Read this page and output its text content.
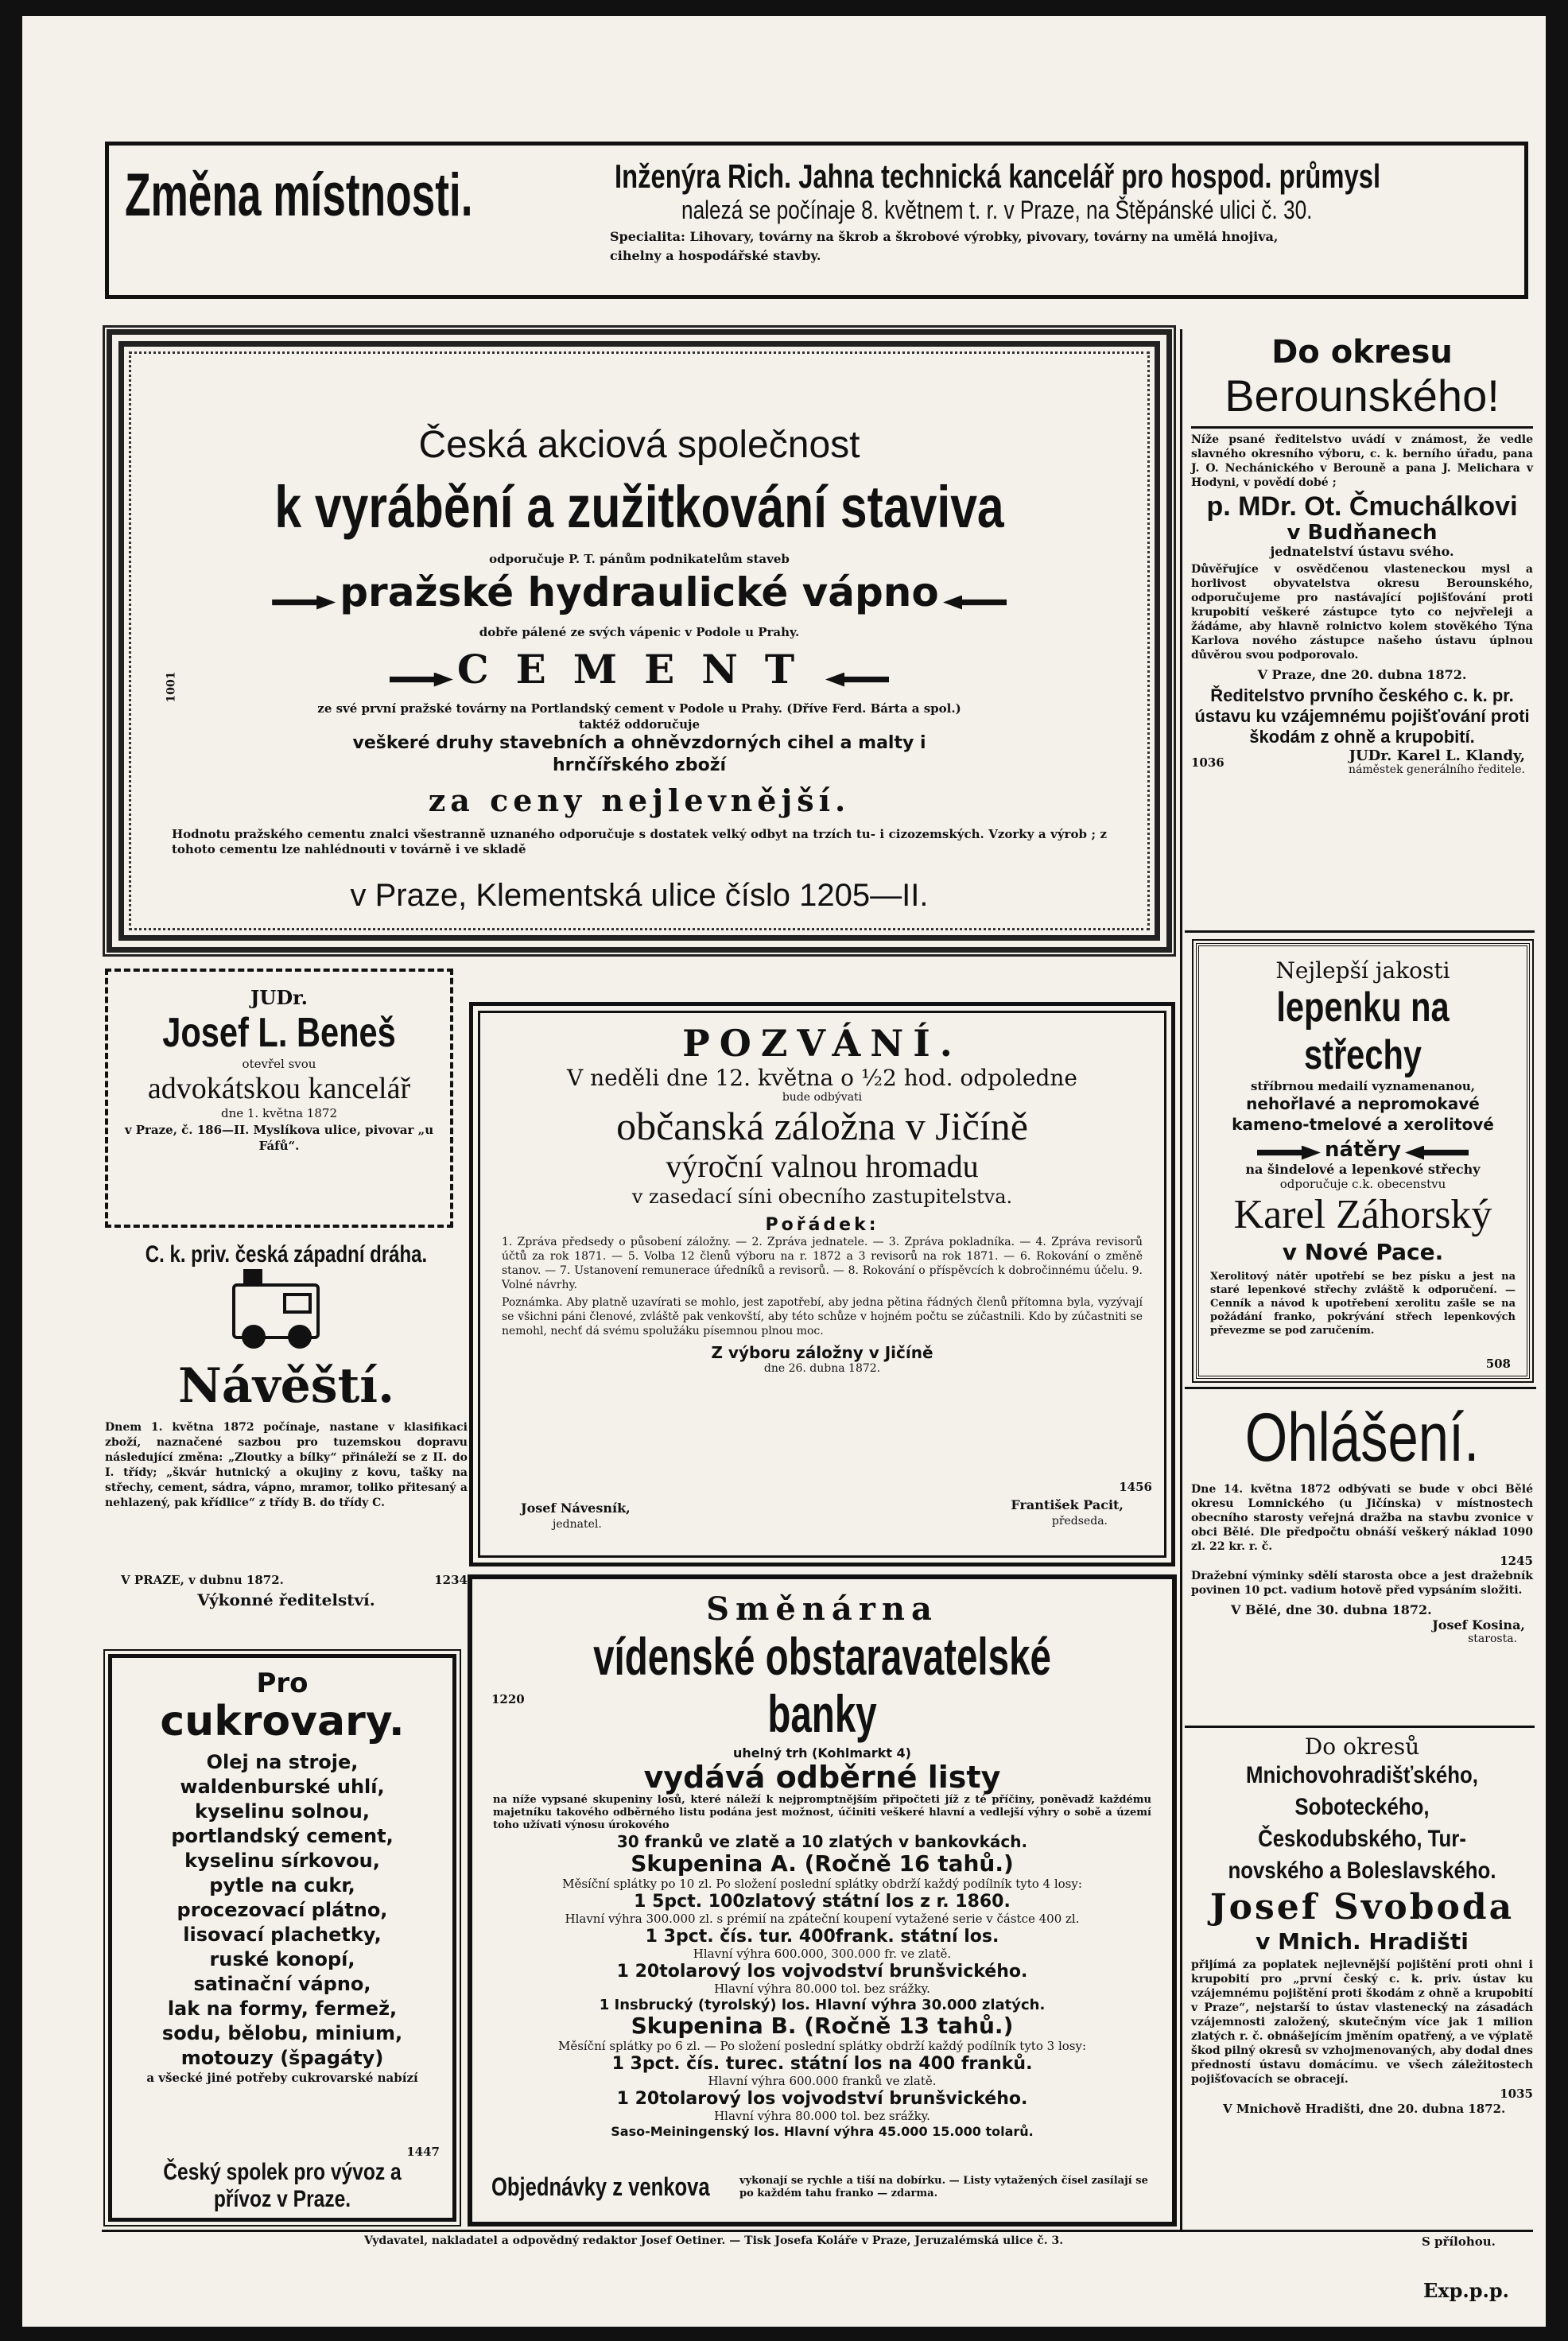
Změna místnosti.	Inženýra Rich. Jahna technická kancelář pro hospod. průmysl
nalezá se počínaje 8. květnem t. r. v Praze, na Štěpánské ulici č. 30.
Specialita: Lihovary, továrny na škrob a škrobové výrobky, pivovary, továrny na umělá hnojiva,
cihelny a hospodářské stavby.
Česká akciová společnost
k vyrábění a zužitkování staviva
odporučuje P. T. pánům podnikatelům staveb
pražské hydraulické vápno
dobře pálené ze svých vápenic v Podole u Prahy.
CEMENT
ze své první pražské továrny na Portlandský cement v Podole u Prahy. (Dříve Ferd. Bárta a spol.)
taktéž oddoručuje
veškeré druhy stavebních a ohněvzdorných cihel a malty i
hrnčířského zboží
za ceny nejlevnější.
Hodnotu pražského cementu znalci všestranně uznaného odporučuje s dostatek velký odbyt na trzích tu- i cizozemských. Vzorky a výrob ; z tohoto cementu lze nahlédnouti v továrně i ve skladě
v Praze, Klementská ulice číslo 1205—II.
1001
Do okresu
Berounského!
Níže psané ředitelstvo uvádí v známost, že vedle slavného okresního výboru, c. k. berního úřadu, pana J. O. Nechánického v Berouně a pana J. Melichara v Hodyni, v povědí dobé ;
p. MDr. Ot. Čmuchálkovi
v Budňanech
jednatelství ústavu svého.
Důvěřujíce v osvědčenou vlasteneckou mysl a horlivost obyvatelstva okresu Berounského, odporučujeme pro nastávající pojišťování proti krupobití veškeré zástupce tyto co nejvřeleji a žádáme, aby hlavně rolnictvo kolem stověkého Týna Karlova nového zástupce našeho ústavu úplnou důvěrou svou podporovalo.
V Praze, dne 20. dubna 1872.
Ředitelstvo prvního českého c. k. pr. ústavu ku vzájemnému pojišťování proti škodám z ohně a krupobití.
1036	JUDr. Karel L. Klandy,
náměstek generálního ředitele.
Nejlepší jakosti
lepenku na střechy
stříbrnou medailí vyznamenanou,
nehořlavé a nepromokavé kameno-tmelové a xerolitové
nátěry
na šindelové a lepenkové střechy
odporučuje c.k. obecenstvu
Karel Záhorský
v Nové Pace.
Xerolitový nátěr upotřebí se bez písku a jest na staré lepenkové střechy zvláště k odporučení. — Cenník a návod k upotřebení xerolitu zašle se na požádání franko, pokrývání střech lepenkových převezme se pod zaručením.
508
Ohlášení.
Dne 14. května 1872 odbývati se bude v obci Bělé okresu Lomnického (u Jičínska) v místnostech obecního starosty veřejná dražba na stavbu zvonice v obci Bělé. Dle předpočtu obnáší veškerý náklad 1090 zl. 22 kr. r. č.
1245
Dražební výminky sdělí starosta obce a jest dražebník povinen 10 pct. vadium hotově před vypsáním složiti.
V Bělé, dne 30. dubna 1872.
Josef Kosina,
starosta.
Do okresů
Mnichovohradišťského, Soboteckého, Českodubského, Turnovského a Boleslavského.
Josef Svoboda
v Mnich. Hradišti
přijímá za poplatek nejlevnější pojištění proti ohni i krupobití pro „první český c. k. priv. ústav ku vzájemnému pojištění proti škodám z ohně a krupobití v Praze“, nejstarší to ústav vlastenecký na zásadách vzájemnosti založený, skutečným více jak 1 milion zlatých r. č. obnášejícím jměním opatřený, a ve výplatě škod pilný okresů sv vzhojmenovaných, aby dodal dnes předností ústavu domácímu. ve všech záležitostech pojišťovacích se obracejí.
1035
V Mnichově Hradišti, dne 20. dubna 1872.
JUDr.
Josef L. Beneš
otevřel svou
advokátskou kancelář
dne 1. května 1872
v Praze, č. 186—II. Myslíkova ulice, pivovar „u Fáfů“.
C. k. priv. česká západní dráha.
Návěští.
Dnem 1. května 1872 počínaje, nastane v klasifikaci zboží, naznačené sazbou pro tuzemskou dopravu následující změna: „Zloutky a bílky“ přináleží se z II. do I. třídy; „škvár hutnický a okujiny z kovu, tašky na střechy, cement, sádra, vápno, mramor, toliko přitesaný a nehlazený, pak křídlice“ z třídy B. do třídy C.
V PRAZE, v dubnu 1872.	1234
Výkonné ředitelství.
Pro
cukrovary.
Olej na stroje,
waldenburské uhlí,
kyselinu solnou,
portlandský cement,
kyselinu sírkovou,
pytle na cukr,
procezovací plátno,
lisovací plachetky,
ruské konopí,
satinační vápno,
lak na formy, fermež,
sodu, bělobu, minium,
motouzy (špagáty)
a všecké jiné potřeby cukrovarské nabízí
1447
Český spolek pro vývoz a
přívoz v Praze.
POZVÁNÍ.
V neděli dne 12. května o ½2 hod. odpoledne
bude odbývati
občanská záložna v Jičíně
výroční valnou hromadu
v zasedací síni obecního zastupitelstva.
Pořádek:
1. Zpráva předsedy o působení záložny. — 2. Zpráva jednatele. — 3. Zpráva pokladníka. — 4. Zpráva revisorů účtů za rok 1871. — 5. Volba 12 členů výboru na r. 1872 a 3 revisorů na rok 1871. — 6. Rokování o změně stanov. — 7. Ustanovení remunerace úředníků a revisorů. — 8. Rokování o příspěvcích k dobročinnému účelu. 9. Volné návrhy.
Poznámka. Aby platně uzavírati se mohlo, jest zapotřebí, aby jedna pětina řádných členů přítomna byla, vyzývají se všichni páni členové, zvláště pak venkovští, aby této schůze v hojném počtu se zúčastnili. Kdo by zúčastniti se nemohl, nechť dá svému spolužáku písemnou plnou moc.
Z výboru záložny v Jičíně
dne 26. dubna 1872.
1456
Josef Návesník,
jednatel.
František Pacit,
předseda.
Směnárna
vídenské obstaravatelské banky
1220
uhelný trh (Kohlmarkt 4)
vydává odběrné listy
na níže vypsané skupeniny losů, které náleží k nejpromptnějším připočteti jíž z té příčiny, poněvadž každému majetníku takového odběrného listu podána jest možnost, účiniti veškeré hlavní a vedlejší výhry o sobě a území toho užívati výnosu úrokového
30 franků ve zlatě a 10 zlatých v bankovkách.
Skupenina A. (Ročně 16 tahů.)
Měsíční splátky po 10 zl. Po složení poslední splátky obdrží každý podílník tyto 4 losy:
1 5pct. 100zlatový státní los z r. 1860.
Hlavní výhra 300.000 zl. s prémií na zpáteční koupení vytažené serie v částce 400 zl.
1 3pct. čís. tur. 400frank. státní los.
Hlavní výhra 600.000, 300.000 fr. ve zlatě.
1 20tolarový los vojvodství brunšvického.
Hlavní výhra 80.000 tol. bez srážky.
1 Insbrucký (tyrolský) los. Hlavní výhra 30.000 zlatých.
Skupenina B. (Ročně 13 tahů.)
Měsíční splátky po 6 zl. — Po složení poslední splátky obdrží každý podílník tyto 3 losy:
1 3pct. čís. turec. státní los na 400 franků.
Hlavní výhra 600.000 franků ve zlatě.
1 20tolarový los vojvodství brunšvického.
Hlavní výhra 80.000 tol. bez srážky.
Saso-Meiningenský los. Hlavní výhra 45.000 15.000 tolarů.
Objednávky z venkova	vykonají se rychle a tiší na dobírku. — Listy vytažených čísel zasílají se po každém tahu franko — zdarma.
Vydavatel, nakladatel a odpovědný redaktor Josef Oetiner. — Tisk Josefa Koláře v Praze, Jeruzalémská ulice č. 3.	S přílohou.
Exp.p.p.
